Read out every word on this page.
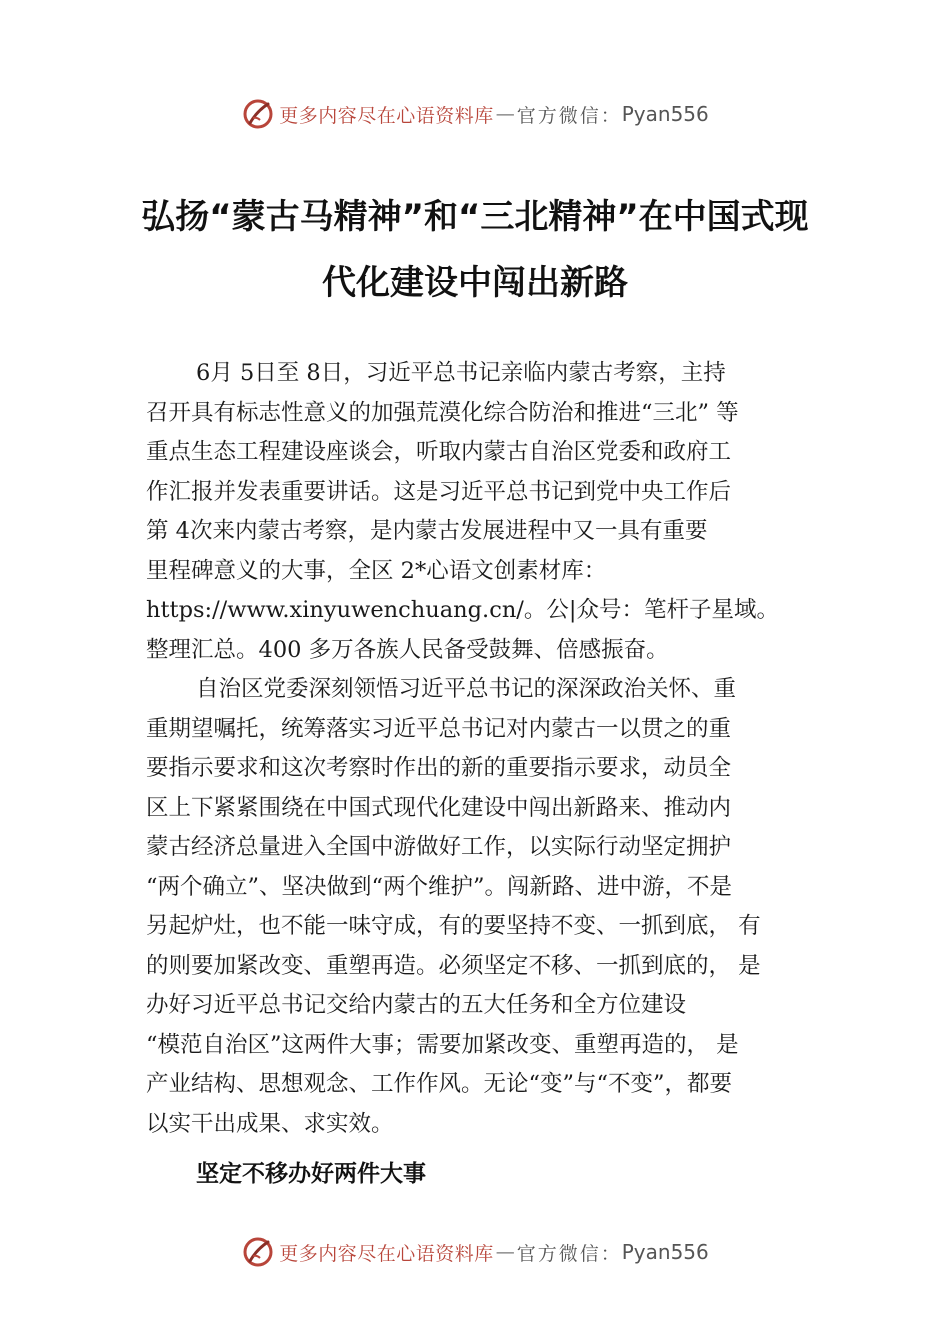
更多内容尽在心语资料库 — 官方微信： Pyan556
弘扬“蒙古马精神”和“三北精神”在中国式现
代化建设中闯出新路
6月 5日至 8日，习近平总书记亲临内蒙古考察，主持
召开具有标志性意义的加强荒漠化综合防治和推进“三北” 等
重点生态工程建设座谈会，听取内蒙古自治区党委和政府工
作汇报并发表重要讲话。这是习近平总书记到党中央工作后
第 4次来内蒙古考察，是内蒙古发展进程中又一具有重要
里程碑意义的大事，全区 2*心语文创素材库：
https://www.xinyuwenchuang.cn/。公|众号：笔杆子星域。
整理汇总。400 多万各族人民备受鼓舞、倍感振奋。
自治区党委深刻领悟习近平总书记的深深政治关怀、重
重期望嘱托，统筹落实习近平总书记对内蒙古一以贯之的重
要指示要求和这次考察时作出的新的重要指示要求，动员全
区上下紧紧围绕在中国式现代化建设中闯出新路来、推动内
蒙古经济总量进入全国中游做好工作，以实际行动坚定拥护
“两个确立”、坚决做到“两个维护”。闯新路、进中游，不是
另起炉灶，也不能一味守成，有的要坚持不变、一抓到底， 有
的则要加紧改变、重塑再造。必须坚定不移、一抓到底的， 是
办好习近平总书记交给内蒙古的五大任务和全方位建设
“模范自治区”这两件大事；需要加紧改变、重塑再造的， 是
产业结构、思想观念、工作作风。无论“变”与“不变”，都要
以实干出成果、求实效。
坚定不移办好两件大事
更多内容尽在心语资料库 — 官方微信： Pyan556
